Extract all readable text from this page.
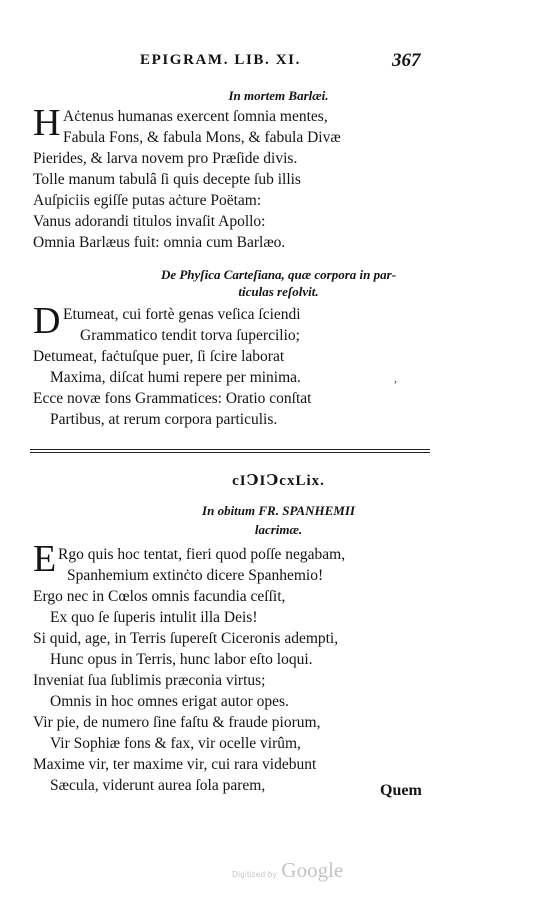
EPIGRAM. LIB. XI.	367
In mortem Barlæi.
H Aċtenus humanas exercent ſomnia mentes,
Fabula Fons, & fabula Mons, & fabula Divæ
Pierides, & larva novem pro Præſide divis.
Tolle manum tabulâ ſi quis decepte ſub illis
Auſpiciis egiſſe putas aċture Poëtam:
Vanus adorandi titulos invaſit Apollo:
Omnia Barlæus fuit: omnia cum Barlæo.
De Phyſica Carteſiana, quæ corpora in par-
ticulas reſolvit.
D Etumeat, cui fortè genas veſica ſciendi
Grammatico tendit torva ſupercilio;
Detumeat, faċtuſque puer, ſi ſcire laborat
Maxima, diſcat humi repere per minima.	,
Ecce novæ fons Grammatices: Oratio conſtat
Partibus, at rerum corpora particulis.
cIↃIↃcxLix.
In obitum FR. SPANHEMII
lacrimæ.
E Rgo quis hoc tentat, fieri quod poſſe negabam,
Spanhemium extinċto dicere Spanhemio!
Ergo nec in Cœlos omnis facundia ceſſit,
Ex quo ſe ſuperis intulit illa Deis!
Si quid, age, in Terris ſupereſt Ciceronis adempti,
Hunc opus in Terris, hunc labor eſto loqui.
Inveniat ſua ſublimis præconia virtus;
Omnis in hoc omnes erigat autor opes.
Vir pie, de numero ſine faſtu & fraude piorum,
Vir Sophiæ fons & fax, vir ocelle virûm,
Maxime vir, ter maxime vir, cui rara videbunt
Sæcula, viderunt aurea ſola parem,	Quem
Digitized by Google
